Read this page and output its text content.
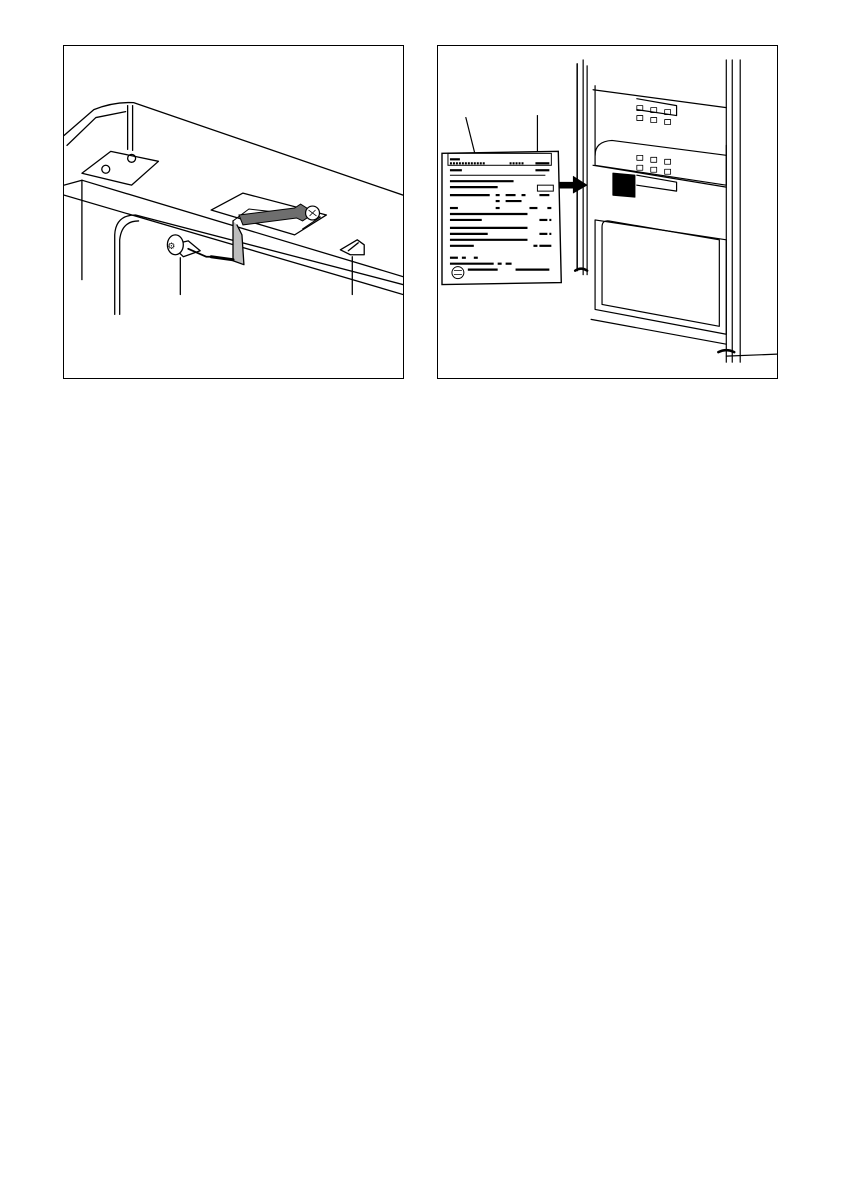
⚙
